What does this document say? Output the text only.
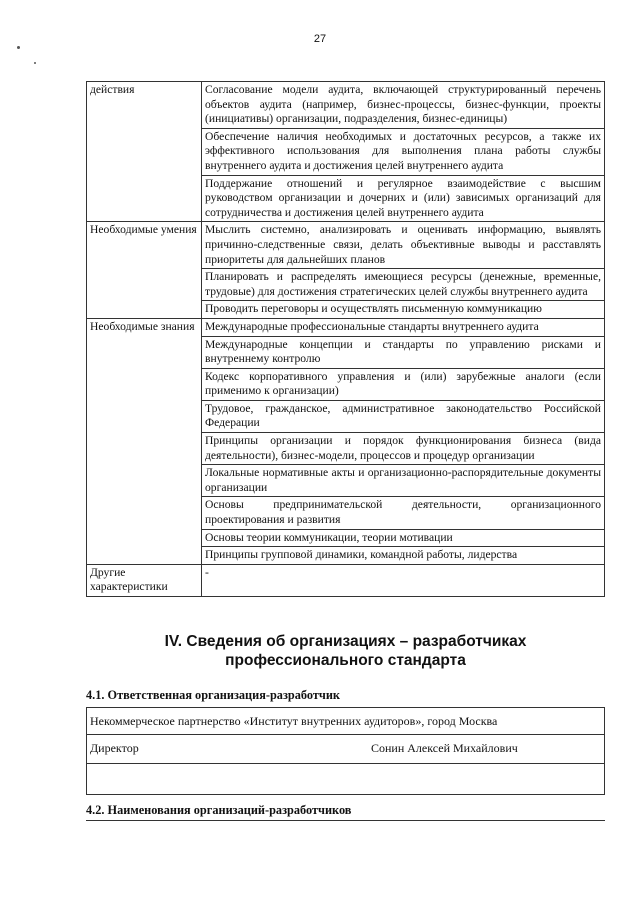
27
действия	Согласование модели аудита, включающей структурированный перечень объектов аудита (например, бизнес-процессы, бизнес-функции, проекты (инициативы) организации, подразделения, бизнес-единицы)
	Обеспечение наличия необходимых и достаточных ресурсов, а также их эффективного использования для выполнения плана работы службы внутреннего аудита и достижения целей внутреннего аудита
	Поддержание отношений и регулярное взаимодействие с высшим руководством организации и дочерних и (или) зависимых организаций для сотрудничества и достижения целей внутреннего аудита
Необходимые умения	Мыслить системно, анализировать и оценивать информацию, выявлять причинно-следственные связи, делать объективные выводы и расставлять приоритеты для дальнейших планов
	Планировать и распределять имеющиеся ресурсы (денежные, временные, трудовые) для достижения стратегических целей службы внутреннего аудита
	Проводить переговоры и осуществлять письменную коммуникацию
Необходимые знания	Международные профессиональные стандарты внутреннего аудита
	Международные концепции и стандарты по управлению рисками и внутреннему контролю
	Кодекс корпоративного управления и (или) зарубежные аналоги (если применимо к организации)
	Трудовое, гражданское, административное законодательство Российской Федерации
	Принципы организации и порядок функционирования бизнеса (вида деятельности), бизнес-модели, процессов и процедур организации
	Локальные нормативные акты и организационно-распорядительные документы организации
	Основы предпринимательской деятельности, организационного проектирования и развития
	Основы теории коммуникации, теории мотивации
	Принципы групповой динамики, командной работы, лидерства
Другие характеристики	-
IV. Сведения об организациях – разработчиках профессионального стандарта
4.1. Ответственная организация-разработчик
Некоммерческое партнерство «Институт внутренних аудиторов», город Москва

Директор	Сонин Алексей Михайлович

4.2. Наименования организаций-разработчиков
